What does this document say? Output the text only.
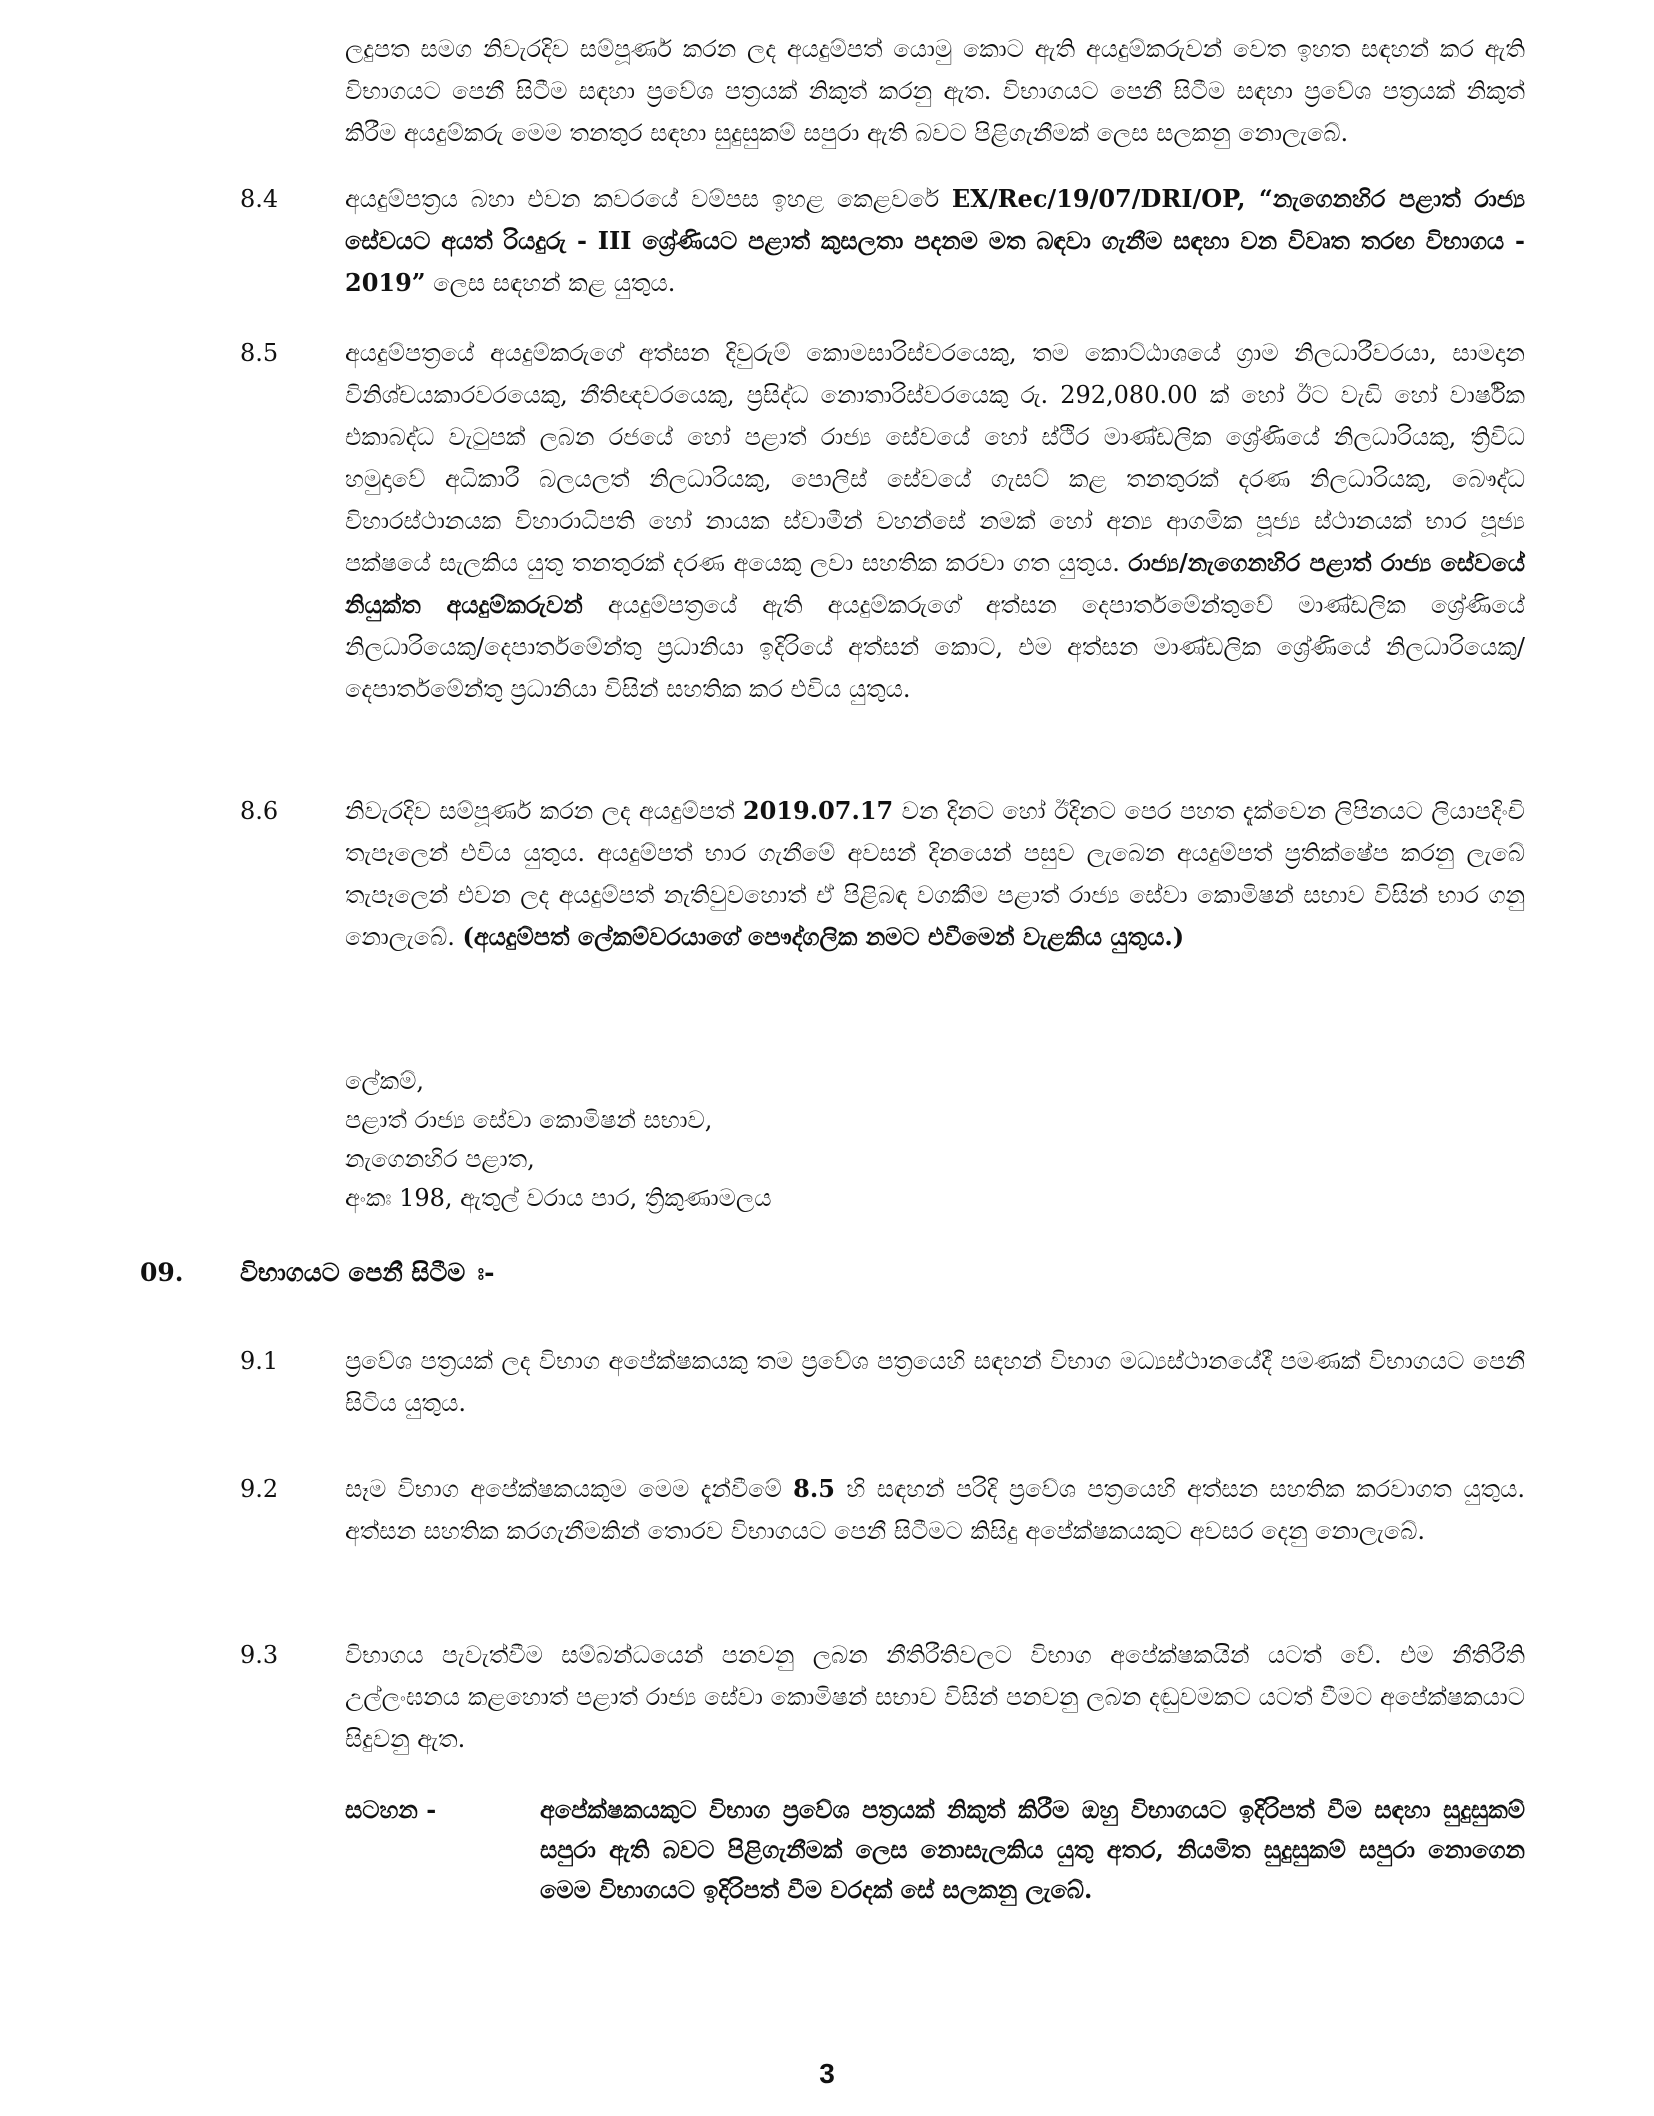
ලදුපත සමග නිවැරදිව සම්පූර්ණ කරන ලද අයදුම්පත් යොමු කොට ඇති අයදුම්කරුවන් වෙත ඉහත සඳහන් කර ඇති විභාගයට පෙනී සිටීම සඳහා ප්‍රවේශ පත්‍රයක් නිකුත් කරනු ඇත. විභාගයට පෙනී සිටීම සඳහා ප්‍රවේශ පත්‍රයක් නිකුත් කිරීම අයදුම්කරු මෙම තනතුර සඳහා සුදුසුකම් සපුරා ඇති බවට පිළිගැනීමක් ලෙස සලකනු නොලැබේ.
8.4	අයදුම්පත්‍රය බහා එවන කවරයේ වම්පස ඉහළ කෙළවරේ EX/Rec/19/07/DRI/OP, “නැගෙනහිර පළාත් රාජ්‍ය සේවයට අයත් රියදුරු - III ශ්‍රේණියට පළාත් කුසලතා පදනම මත බඳවා ගැනීම සඳහා වන විවෘත තරඟ විභාගය - 2019” ලෙස සඳහන් කළ යුතුය.
8.5	අයදුම්පත්‍රයේ අයදුම්කරුගේ අත්සන දිවුරුම් කොමසාරිස්වරයෙකු, තම කොට්ඨාශයේ ග්‍රාම නිලධාරීවරයා, සාමදාන විනිශ්චයකාරවරයෙකු, නීතිඥවරයෙකු, ප්‍රසිද්ධ නොතාරිස්වරයෙකු රු. 292,080.00 ක් හෝ ඊට වැඩි හෝ වාර්ෂික එකාබද්ධ වැටුපක් ලබන රජයේ හෝ පළාත් රාජ්‍ය සේවයේ හෝ ස්ථිර මාණ්ඩලික ශ්‍රේණියේ නිලධාරියකු, ත්‍රිවිධ හමුදාවේ අධිකාරී බලයලත් නිලධාරියකු, පොලිස් සේවයේ ගැසට් කළ තනතුරක් දරණ නිලධාරියකු, බෞද්ධ විහාරස්ථානයක විහාරාධිපති හෝ නායක ස්වාමීන් වහන්සේ නමක් හෝ අන්‍ය ආගමික පූජ්‍ය ස්ථානයක් භාර පූජ්‍ය පක්ෂයේ සැලකිය යුතු තනතුරක් දරණ අයෙකු ලවා සහතික කරවා ගත යුතුය. රාජ්‍ය/නැගෙනහිර පළාත් රාජ්‍ය සේවයේ නියුක්ත අයදුම්කරුවන් අයදුම්පත්‍රයේ ඇති අයදුම්කරුගේ අත්සන දෙපාර්තමේන්තුවේ මාණ්ඩලික ශ්‍රේණියේ නිලධාරියෙකු/දෙපාර්තමේන්තු ප්‍රධානියා ඉදිරියේ අත්සන් කොට, එම අත්සන මාණ්ඩලික ශ්‍රේණියේ නිලධාරියෙකු/දෙපාර්තමේන්තු ප්‍රධානියා විසින් සහතික කර එවිය යුතුය.
8.6	නිවැරදිව සම්පූර්ණ කරන ලද අයදුම්පත් 2019.07.17 වන දිනට හෝ ඊදිනට පෙර පහත දැක්වෙන ලිපිනයට ලියාපදිංචි තැපෑලෙන් එවිය යුතුය. අයදුම්පත් භාර ගැනීමේ අවසන් දිනයෙන් පසුව ලැබෙන අයදුම්පත් ප්‍රතික්ෂේප කරනු ලැබේ තැපෑලෙන් එවන ලද අයදුම්පත් නැතිවුවහොත් ඒ පිළිබඳ වගකීම පළාත් රාජ්‍ය සේවා කොමිෂන් සභාව විසින් භාර ගනු නොලැබේ. (අයදුම්පත් ලේකම්වරයාගේ පෞද්ගලික නමට එවීමෙන් වැළකිය යුතුය.)
ලේකම්,
පළාත් රාජ්‍ය සේවා කොමිෂන් සභාව,
නැගෙනහිර පළාත,
අංකඃ 198, ඇතුල් වරාය පාර, ත්‍රිකුණාමලය
09. විභාගයට පෙනී සිටීම ඃ-
9.1	ප්‍රවේශ පත්‍රයක් ලද විභාග අපේක්ෂකයකු තම ප්‍රවේශ පත්‍රයෙහි සඳහන් විභාග මධ්‍යස්ථානයේදී පමණක් විභාගයට පෙනී සිටිය යුතුය.
9.2	සෑම විභාග අපේක්ෂකයකුම මෙම දැන්වීමේ 8.5 හි සඳහන් පරිදි ප්‍රවේශ පත්‍රයෙහි අත්සන සහතික කරවාගත යුතුය. අත්සන සහතික කරගැනීමකින් තොරව විභාගයට පෙනී සිටීමට කිසිදු අපේක්ෂකයකුට අවසර දෙනු නොලැබේ.
9.3	විභාගය පැවැත්වීම සම්බන්ධයෙන් පනවනු ලබන නීතිරීතිවලට විභාග අපේක්ෂකයින් යටත් වේ. එම නීතිරීති උල්ලංඝනය කළහොත් පළාත් රාජ්‍ය සේවා කොමිෂන් සභාව විසින් පනවනු ලබන දඬුවමකට යටත් වීමට අපේක්ෂකයාට සිදුවනු ඇත.
සටහන -	අපේක්ෂකයකුට විභාග ප්‍රවේශ පත්‍රයක් නිකුත් කිරීම ඔහු විභාගයට ඉදිරිපත් වීම සඳහා සුදුසුකම් සපුරා ඇති බවට පිළිගැනීමක් ලෙස නොසැලකිය යුතු අතර, නියමිත සුදුසුකම් සපුරා නොගෙන මෙම විභාගයට ඉදිරිපත් වීම වරදක් සේ සලකනු ලැබේ.
3
